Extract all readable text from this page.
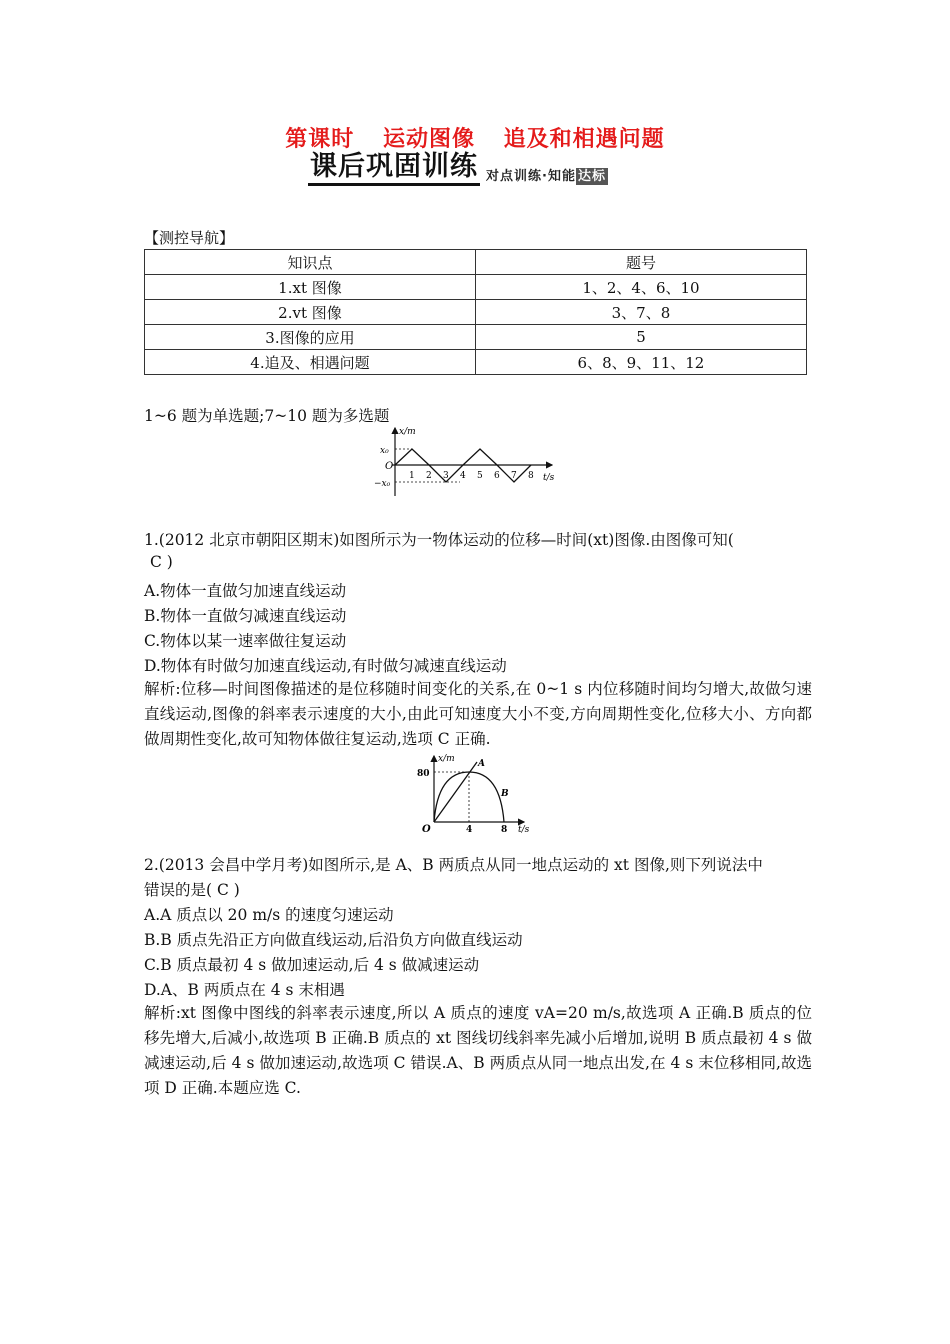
第课时 运动图像 追及和相遇问题
课后巩固训练 对点训练·知能 达标
【测控导航】
知识点	题号
1.xt 图像	1、2、4、6、10
2.vt 图像	3、7、8
3.图像的应用	5
4.追及、相遇问题	6、8、9、11、12
1~6 题为单选题;7~10 题为多选题
x/m
t/s
x₀
−x₀
O
1 2 3 4 5 6 7 8
1.(2012 北京市朝阳区期末)如图所示为一物体运动的位移—时间(xt)图像.由图像可知(
C )
A.物体一直做匀加速直线运动
B.物体一直做匀减速直线运动
C.物体以某一速率做往复运动
D.物体有时做匀加速直线运动,有时做匀减速直线运动
解析:位移—时间图像描述的是位移随时间变化的关系,在 0~1 s 内位移随时间均匀增大,故做匀速直线运动,图像的斜率表示速度的大小,由此可知速度大小不变,方向周期性变化,位移大小、方向都做周期性变化,故可知物体做往复运动,选项 C 正确.
x/m
t/s
80
O	4	8
A
B
2.(2013 会昌中学月考)如图所示,是 A、B 两质点从同一地点运动的 xt 图像,则下列说法中
错误的是( C )
A.A 质点以 20 m/s 的速度匀速运动
B.B 质点先沿正方向做直线运动,后沿负方向做直线运动
C.B 质点最初 4 s 做加速运动,后 4 s 做减速运动
D.A、B 两质点在 4 s 末相遇
解析:xt 图像中图线的斜率表示速度,所以 A 质点的速度 vA=20 m/s,故选项 A 正确.B 质点的位移先增大,后减小,故选项 B 正确.B 质点的 xt 图线切线斜率先减小后增加,说明 B 质点最初 4 s 做减速运动,后 4 s 做加速运动,故选项 C 错误.A、B 两质点从同一地点出发,在 4 s 末位移相同,故选项 D 正确.本题应选 C.
